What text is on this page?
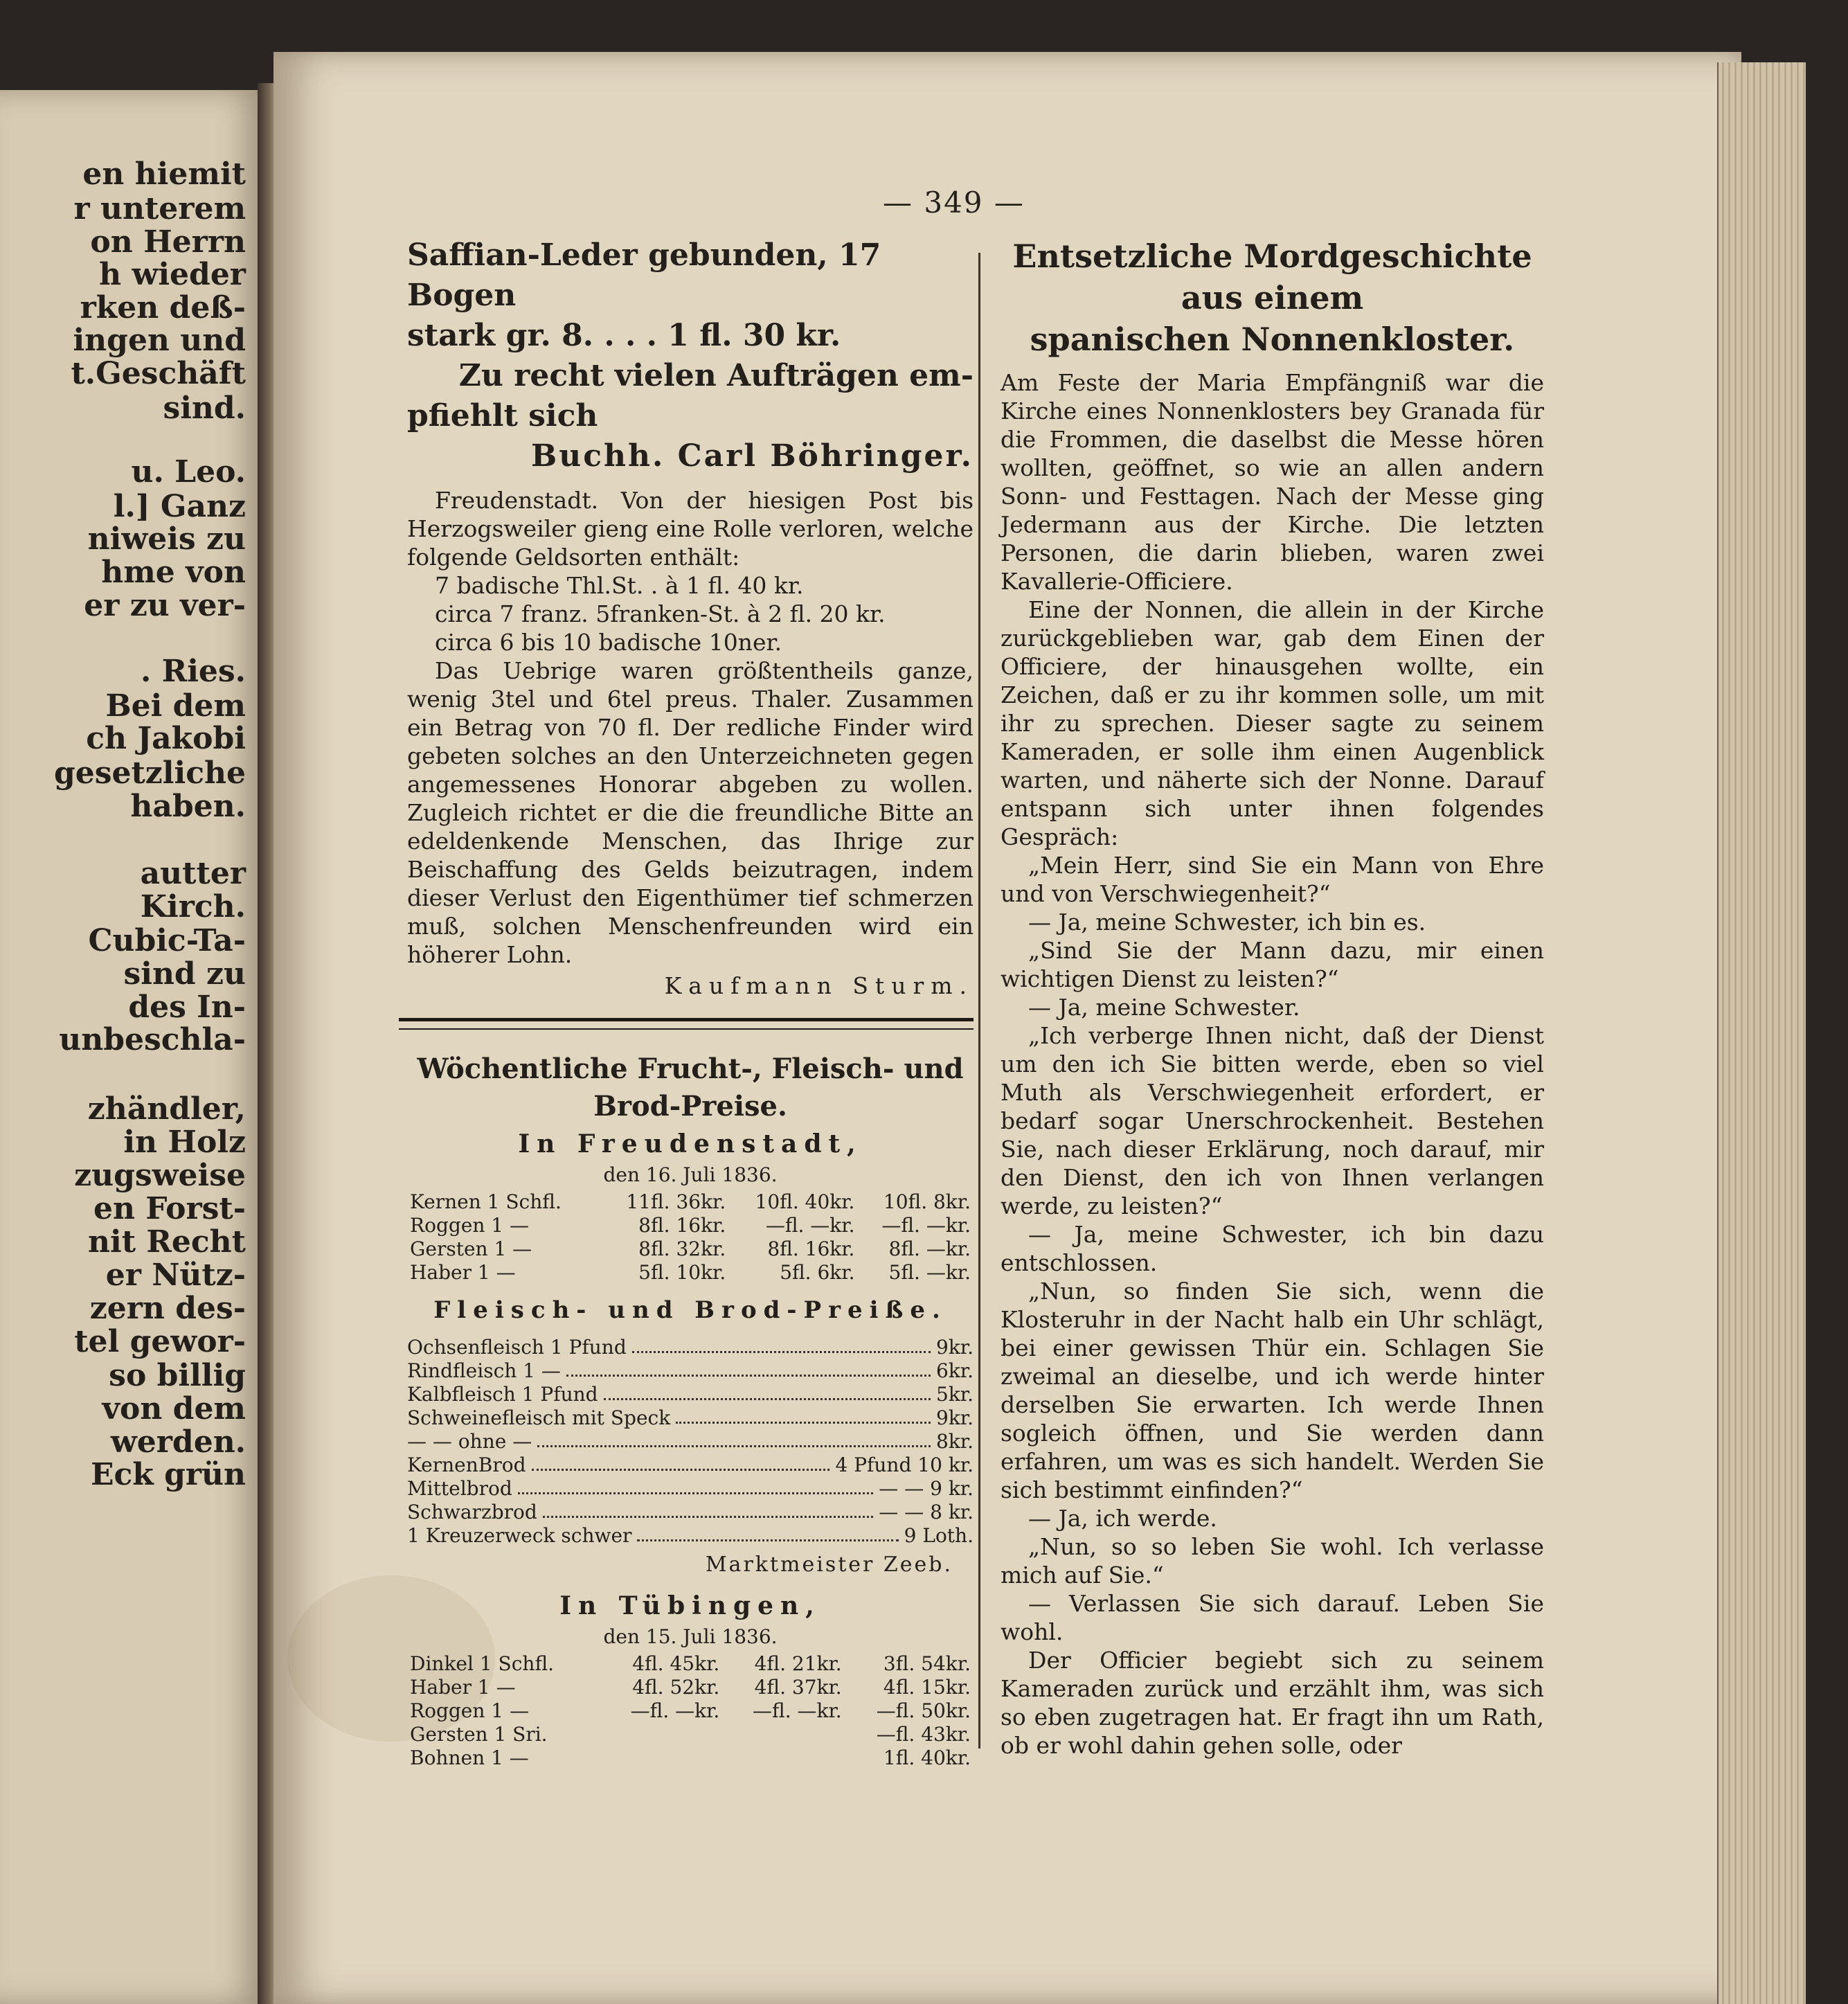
en hiemit
r unterem
on Herrn
h wieder
rken deß-
ingen und
t.Geschäft
sind.
u. Leo.
l.] Ganz
niweis zu
hme von
er zu ver-
. Ries.
Bei dem
ch Jakobi
gesetzliche
haben.
autter
Kirch.
Cubic-Ta-
sind zu
des In-
unbeschla-
zhändler,
in Holz
zugsweise
en Forst-
nit Recht
er Nütz-
zern des-
tel gewor-
so billig
von dem
werden.
Eck grün
— 349 —

Saffian-Leder gebunden, 17 Bogen

stark gr. 8. . . . 1 fl. 30 kr.

Zu recht vielen Aufträgen em-

pfiehlt sich

Buchh. Carl Böhringer.

Freudenstadt. Von der hiesigen Post bis Herzogsweiler gieng eine Rolle verloren, welche folgende Geldsorten enthält:

7 badische Thl.St. . à 1 fl. 40 kr.

circa 7 franz. 5franken-St. à 2 fl. 20 kr.

circa 6 bis 10 badische 10ner.

Das Uebrige waren größtentheils ganze, wenig 3tel und 6tel preus. Thaler. Zusammen ein Betrag von 70 fl. Der redliche Finder wird gebeten solches an den Unterzeichneten gegen angemessenes Honorar abgeben zu wollen. Zugleich richtet er die die freundliche Bitte an edeldenkende Menschen, das Ihrige zur Beischaffung des Gelds beizutragen, indem dieser Verlust den Eigenthümer tief schmerzen muß, solchen Menschenfreunden wird ein höherer Lohn.

Kaufmann Sturm.

Wöchentliche Frucht-, Fleisch- und

Brod-Preise.

In Freudenstadt,

den 16. Juli 1836.

Kernen 1 Schfl.	11fl. 36kr.	10fl. 40kr.	10fl. 8kr.
Roggen 1 —	8fl. 16kr.	—fl. —kr.	—fl. —kr.
Gersten 1 —	8fl. 32kr.	8fl. 16kr.	8fl. —kr.
Haber 1 —	5fl. 10kr.	5fl. 6kr.	5fl. —kr.

Fleisch- und Brod-Preiße.

Ochsenfleisch 1 Pfund	9kr.
Rindfleisch 1 —	6kr.
Kalbfleisch 1 Pfund	5kr.
Schweinefleisch mit Speck	9kr.
— — ohne —	8kr.
KernenBrod	4 Pfund 10 kr.
Mittelbrod	— — 9 kr.
Schwarzbrod	— — 8 kr.
1 Kreuzerweck schwer	9 Loth.

Marktmeister Zeeb.

In Tübingen,

den 15. Juli 1836.

Dinkel 1 Schfl.	4fl. 45kr.	4fl. 21kr.	3fl. 54kr.
Haber 1 —	4fl. 52kr.	4fl. 37kr.	4fl. 15kr.
Roggen 1 —	—fl. —kr.	—fl. —kr.	—fl. 50kr.
Gersten 1 Sri.			—fl. 43kr.
Bohnen 1 —			1fl. 40kr.

Entsetzliche Mordgeschichte aus einem

spanischen Nonnenkloster.

Am Feste der Maria Empfängniß war die Kirche eines Nonnenklosters bey Granada für die Frommen, die daselbst die Messe hören wollten, geöffnet, so wie an allen andern Sonn- und Festtagen. Nach der Messe ging Jedermann aus der Kirche. Die letzten Personen, die darin blieben, waren zwei Kavallerie-Officiere.

Eine der Nonnen, die allein in der Kirche zurückgeblieben war, gab dem Einen der Officiere, der hinausgehen wollte, ein Zeichen, daß er zu ihr kommen solle, um mit ihr zu sprechen. Dieser sagte zu seinem Kameraden, er solle ihm einen Augenblick warten, und näherte sich der Nonne. Darauf entspann sich unter ihnen folgendes Gespräch:

„Mein Herr, sind Sie ein Mann von Ehre und von Verschwiegenheit?“

— Ja, meine Schwester, ich bin es.

„Sind Sie der Mann dazu, mir einen wichtigen Dienst zu leisten?“

— Ja, meine Schwester.

„Ich verberge Ihnen nicht, daß der Dienst um den ich Sie bitten werde, eben so viel Muth als Verschwiegenheit erfordert, er bedarf sogar Unerschrockenheit. Bestehen Sie, nach dieser Erklärung, noch darauf, mir den Dienst, den ich von Ihnen verlangen werde, zu leisten?“

— Ja, meine Schwester, ich bin dazu entschlossen.

„Nun, so finden Sie sich, wenn die Klosteruhr in der Nacht halb ein Uhr schlägt, bei einer gewissen Thür ein. Schlagen Sie zweimal an dieselbe, und ich werde hinter derselben Sie erwarten. Ich werde Ihnen sogleich öffnen, und Sie werden dann erfahren, um was es sich handelt. Werden Sie sich bestimmt einfinden?“

— Ja, ich werde.

„Nun, so so leben Sie wohl. Ich verlasse mich auf Sie.“

— Verlassen Sie sich darauf. Leben Sie wohl.

Der Officier begiebt sich zu seinem Kameraden zurück und erzählt ihm, was sich so eben zugetragen hat. Er fragt ihn um Rath, ob er wohl dahin gehen solle, oder
